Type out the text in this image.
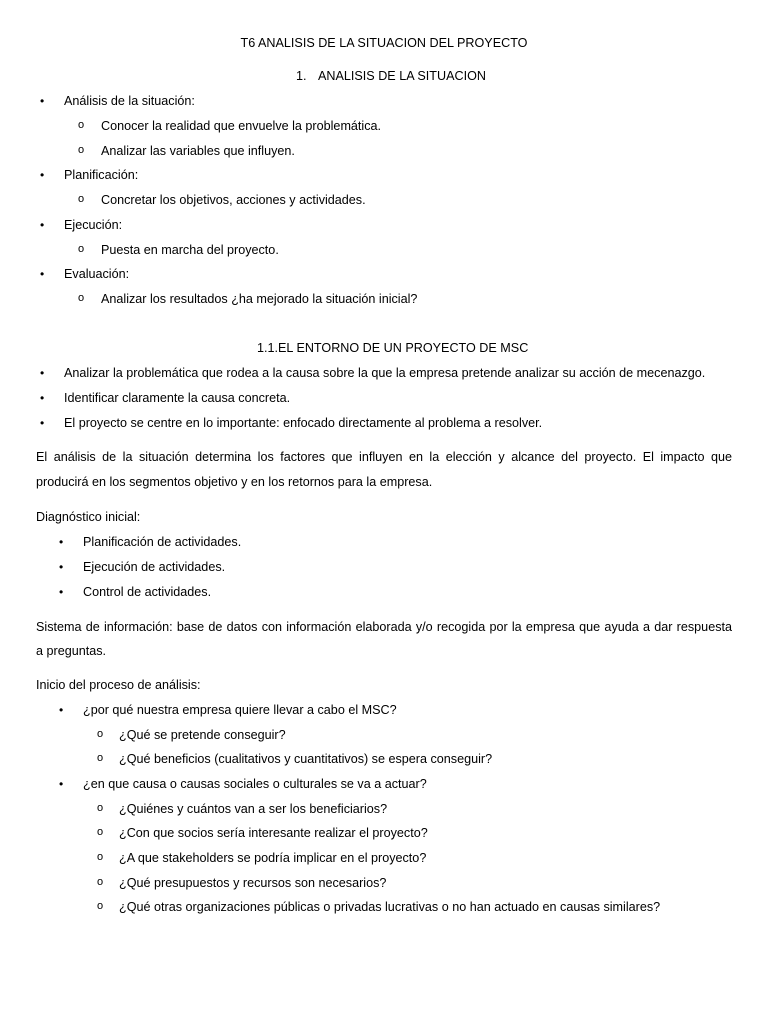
T6 ANALISIS DE LA SITUACION DEL PROYECTO
1. ANALISIS DE LA SITUACION
• Análisis de la situación:
o Conocer la realidad que envuelve la problemática.
o Analizar las variables que influyen.
• Planificación:
o Concretar los objetivos, acciones y actividades.
• Ejecución:
o Puesta en marcha del proyecto.
• Evaluación:
o Analizar los resultados ¿ha mejorado la situación inicial?
1.1.EL ENTORNO DE UN PROYECTO DE MSC
• Analizar la problemática que rodea a la causa sobre la que la empresa pretende analizar su acción de mecenazgo.
• Identificar claramente la causa concreta.
• El proyecto se centre en lo importante: enfocado directamente al problema a resolver.
El análisis de la situación determina los factores que influyen en la elección y alcance del proyecto. El impacto que
producirá en los segmentos objetivo y en los retornos para la empresa.
Diagnóstico inicial:
• Planificación de actividades.
• Ejecución de actividades.
• Control de actividades.
Sistema de información: base de datos con información elaborada y/o recogida por la empresa que ayuda a dar respuesta
a preguntas.
Inicio del proceso de análisis:
• ¿por qué nuestra empresa quiere llevar a cabo el MSC?
o ¿Qué se pretende conseguir?
o ¿Qué beneficios (cualitativos y cuantitativos) se espera conseguir?
• ¿en que causa o causas sociales o culturales se va a actuar?
o ¿Quiénes y cuántos van a ser los beneficiarios?
o ¿Con que socios sería interesante realizar el proyecto?
o ¿A que stakeholders se podría implicar en el proyecto?
o ¿Qué presupuestos y recursos son necesarios?
o ¿Qué otras organizaciones públicas o privadas lucrativas o no han actuado en causas similares?
